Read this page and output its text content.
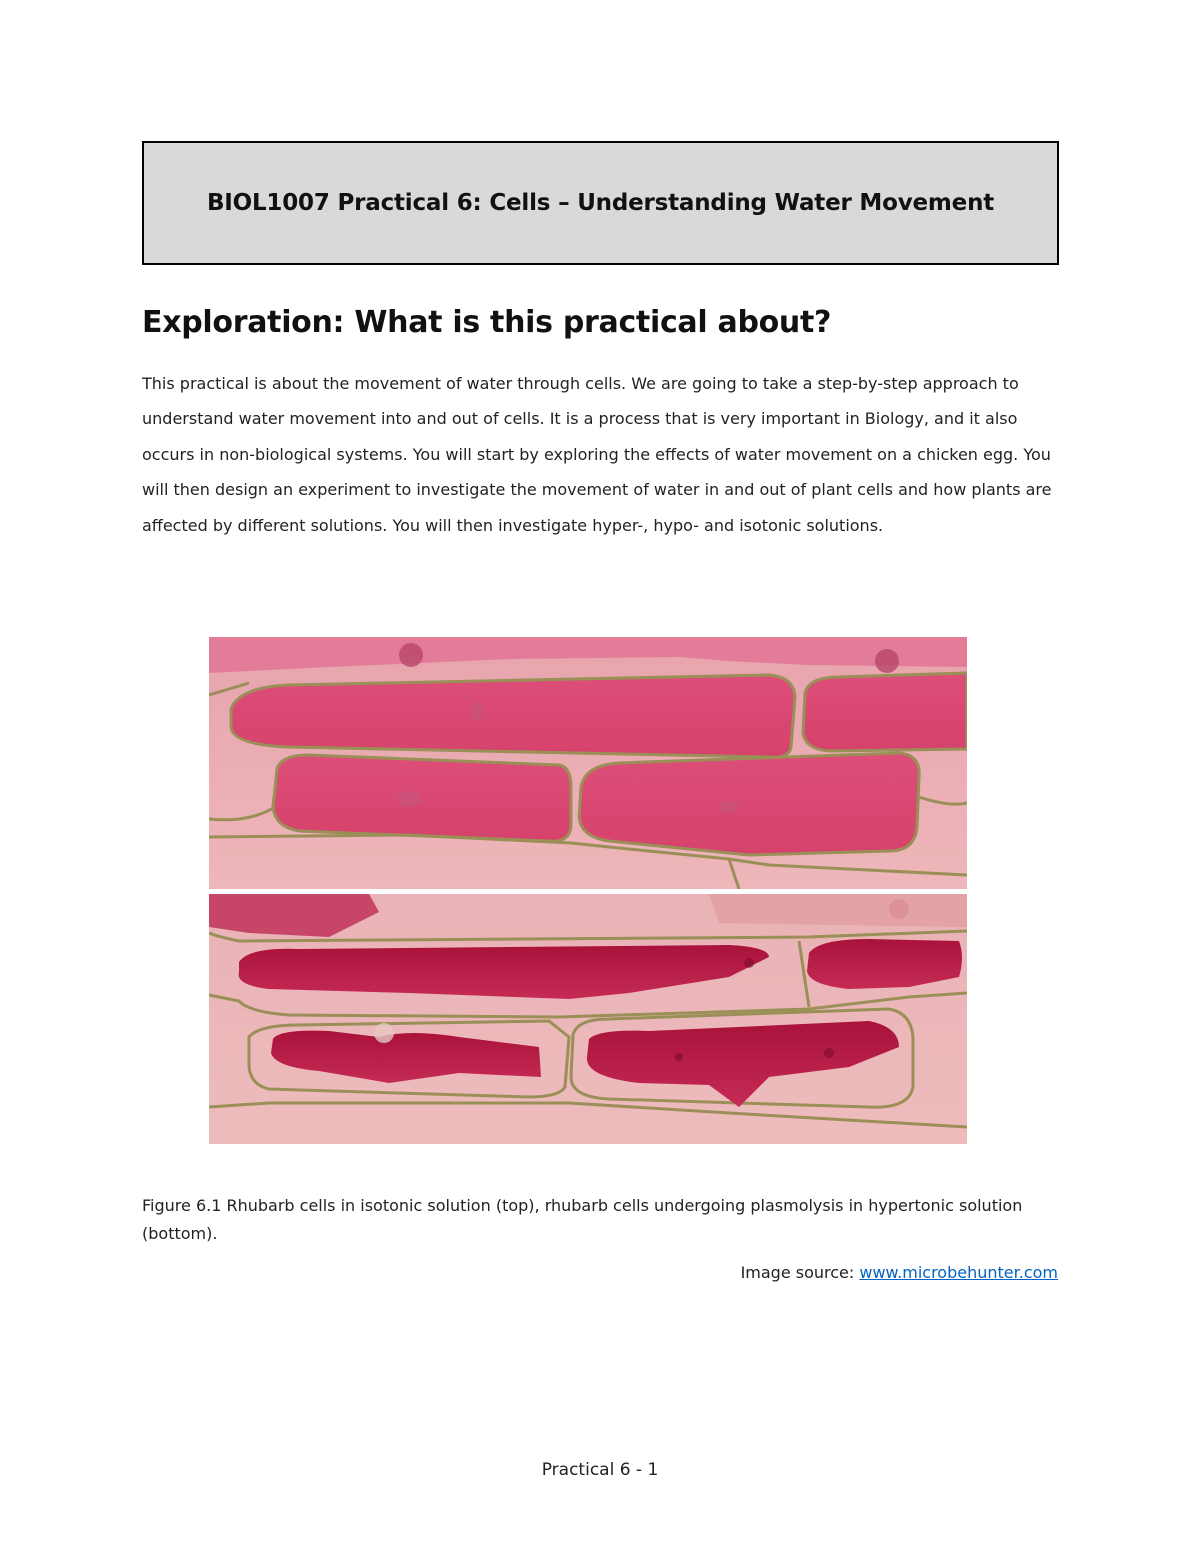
BIOL1007 Practical 6: Cells – Understanding Water Movement
Exploration: What is this practical about?

This practical is about the movement of water through cells. We are going to take a step-by-step approach to understand water movement into and out of cells. It is a process that is very important in Biology, and it also occurs in non-biological systems. You will start by exploring the effects of water movement on a chicken egg. You will then design an experiment to investigate the movement of water in and out of plant cells and how plants are affected by different solutions. You will then investigate hyper-, hypo- and isotonic solutions.

Figure 6.1 Rhubarb cells in isotonic solution (top), rhubarb cells undergoing plasmolysis in hypertonic solution (bottom).

Image source: www.microbehunter.com

Practical 6 - 1
